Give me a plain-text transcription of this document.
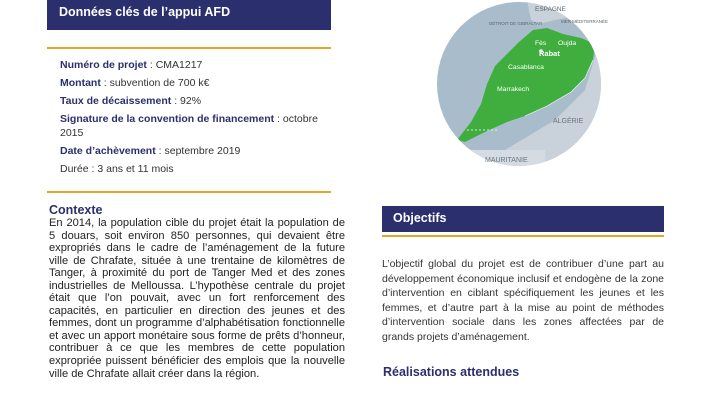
Données clés de l’appui AFD
Numéro de projet : CMA1217
Montant : subvention de 700 k€
Taux de décaissement : 92%
Signature de la convention de financement : octobre 2015
Date d’achèvement : septembre 2019
Durée : 3 ans et 11 mois
Contexte
En 2014, la population cible du projet était la population de 5 douars, soit environ 850 personnes, qui devaient être expropriés dans le cadre de l’aménagement de la future ville de Chrafate, située à une trentaine de kilomètres de Tanger, à proximité du port de Tanger Med et des zones industrielles de Melloussa. L’hypothèse centrale du projet était que l’on pouvait, avec un fort renforcement des capacités, en particulier en direction des jeunes et des femmes, dont un programme d’alphabétisation fonctionnelle et avec un apport monétaire sous forme de prêts d’honneur, contribuer à ce que les membres de cette population expropriée puissent bénéficier des emplois que la nouvelle ville de Chrafate allait créer dans la région.
ESPAGNE
DÉTROIT DE GIBRALTAR	MER MÉDITERRANÉE
Fès Oujda
Rabat
Casablanca
Marrakech
ALGÉRIE
MAURITANIE
Objectifs
L’objectif global du projet est de contribuer d’une part au développement économique inclusif et endogène de la zone d’intervention en ciblant spécifiquement les jeunes et les femmes, et d’autre part à la mise au point de méthodes d’intervention sociale dans les zones affectées par de grands projets d’aménagement.
Réalisations attendues
